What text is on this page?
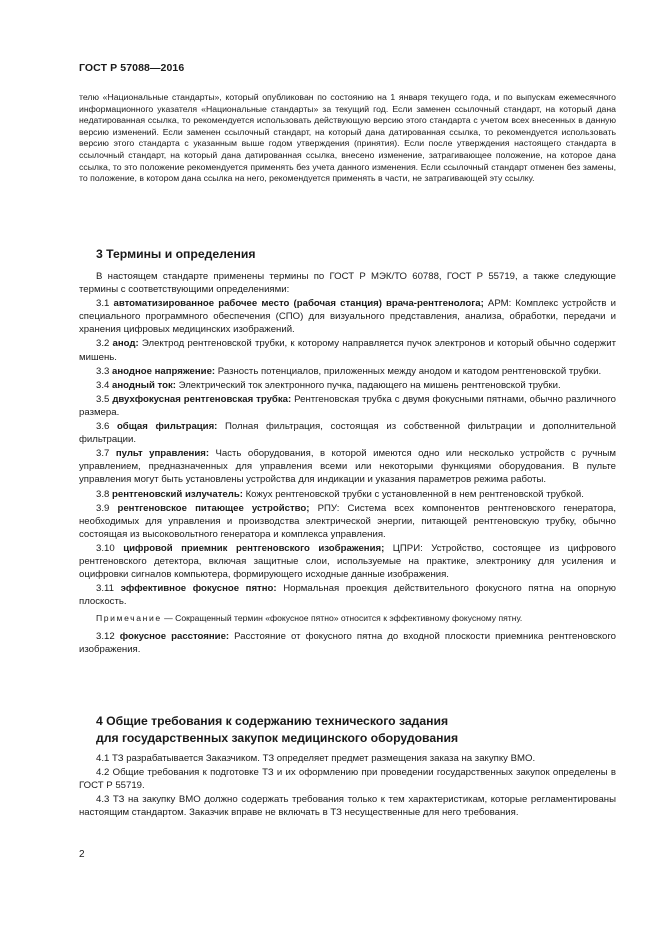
ГОСТ Р 57088—2016

телю «Национальные стандарты», который опубликован по состоянию на 1 января текущего года, и по выпускам ежемесячного информационного указателя «Национальные стандарты» за текущий год. Если заменен ссылочный стандарт, на который дана недатированная ссылка, то рекомендуется использовать действующую версию этого стандарта с учетом всех внесенных в данную версию изменений. Если заменен ссылочный стандарт, на который дана датированная ссылка, то рекомендуется использовать версию этого стандарта с указанным выше годом утверждения (принятия). Если после утверждения настоящего стандарта в ссылочный стандарт, на который дана датированная ссылка, внесено изменение, затрагивающее положение, на которое дана ссылка, то это положение рекомендуется применять без учета данного изменения. Если ссылочный стандарт отменен без замены, то положение, в котором дана ссылка на него, рекомендуется применять в части, не затрагивающей эту ссылку.

3 Термины и определения

В настоящем стандарте применены термины по ГОСТ Р МЭК/ТО 60788, ГОСТ Р 55719, а также следующие термины с соответствующими определениями:

3.1 автоматизированное рабочее место (рабочая станция) врача-рентгенолога; АРМ: Комплекс устройств и специального программного обеспечения (СПО) для визуального представления, анализа, обработки, передачи и хранения цифровых медицинских изображений.

3.2 анод: Электрод рентгеновской трубки, к которому направляется пучок электронов и который обычно содержит мишень.

3.3 анодное напряжение: Разность потенциалов, приложенных между анодом и катодом рентгеновской трубки.

3.4 анодный ток: Электрический ток электронного пучка, падающего на мишень рентгеновской трубки.

3.5 двухфокусная рентгеновская трубка: Рентгеновская трубка с двумя фокусными пятнами, обычно различного размера.

3.6 общая фильтрация: Полная фильтрация, состоящая из собственной фильтрации и дополнительной фильтрации.

3.7 пульт управления: Часть оборудования, в которой имеются одно или несколько устройств с ручным управлением, предназначенных для управления всеми или некоторыми функциями оборудования. В пульте управления могут быть установлены устройства для индикации и указания параметров режима работы.

3.8 рентгеновский излучатель: Кожух рентгеновской трубки с установленной в нем рентгеновской трубкой.

3.9 рентгеновское питающее устройство; РПУ: Система всех компонентов рентгеновского генератора, необходимых для управления и производства электрической энергии, питающей рентгеновскую трубку, обычно состоящая из высоковольтного генератора и комплекса управления.

3.10 цифровой приемник рентгеновского изображения; ЦПРИ: Устройство, состоящее из цифрового рентгеновского детектора, включая защитные слои, используемые на практике, электронику для усиления и оцифровки сигналов компьютера, формирующего исходные данные изображения.

3.11 эффективное фокусное пятно: Нормальная проекция действительного фокусного пятна на опорную плоскость.

Примечание — Сокращенный термин «фокусное пятно» относится к эффективному фокусному пятну.

3.12 фокусное расстояние: Расстояние от фокусного пятна до входной плоскости приемника рентгеновского изображения.

4 Общие требования к содержанию технического задания
для государственных закупок медицинского оборудования

4.1 ТЗ разрабатывается Заказчиком. ТЗ определяет предмет размещения заказа на закупку ВМО.

4.2 Общие требования к подготовке ТЗ и их оформлению при проведении государственных закупок определены в ГОСТ Р 55719.

4.3 ТЗ на закупку ВМО должно содержать требования только к тем характеристикам, которые регламентированы настоящим стандартом. Заказчик вправе не включать в ТЗ несущественные для него требования.

2
